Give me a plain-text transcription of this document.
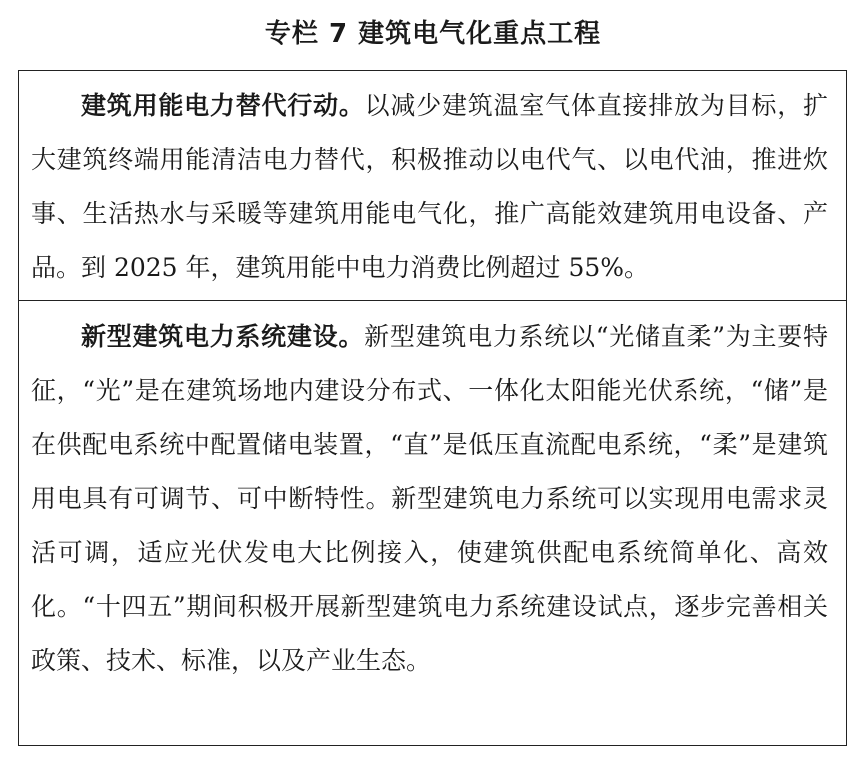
专栏 7 建筑电气化重点工程
建筑用能电力替代行动。以减少建筑温室气体直接排放为目标，扩大建筑终端用能清洁电力替代，积极推动以电代气、以电代油，推进炊事、生活热水与采暖等建筑用能电气化，推广高能效建筑用电设备、产品。到 2025 年，建筑用能中电力消费比例超过 55%。
新型建筑电力系统建设。新型建筑电力系统以“光储直柔”为主要特征，“光”是在建筑场地内建设分布式、一体化太阳能光伏系统，“储”是在供配电系统中配置储电装置，“直”是低压直流配电系统，“柔”是建筑用电具有可调节、可中断特性。新型建筑电力系统可以实现用电需求灵活可调，适应光伏发电大比例接入，使建筑供配电系统简单化、高效化。“十四五”期间积极开展新型建筑电力系统建设试点，逐步完善相关政策、技术、标准，以及产业生态。
